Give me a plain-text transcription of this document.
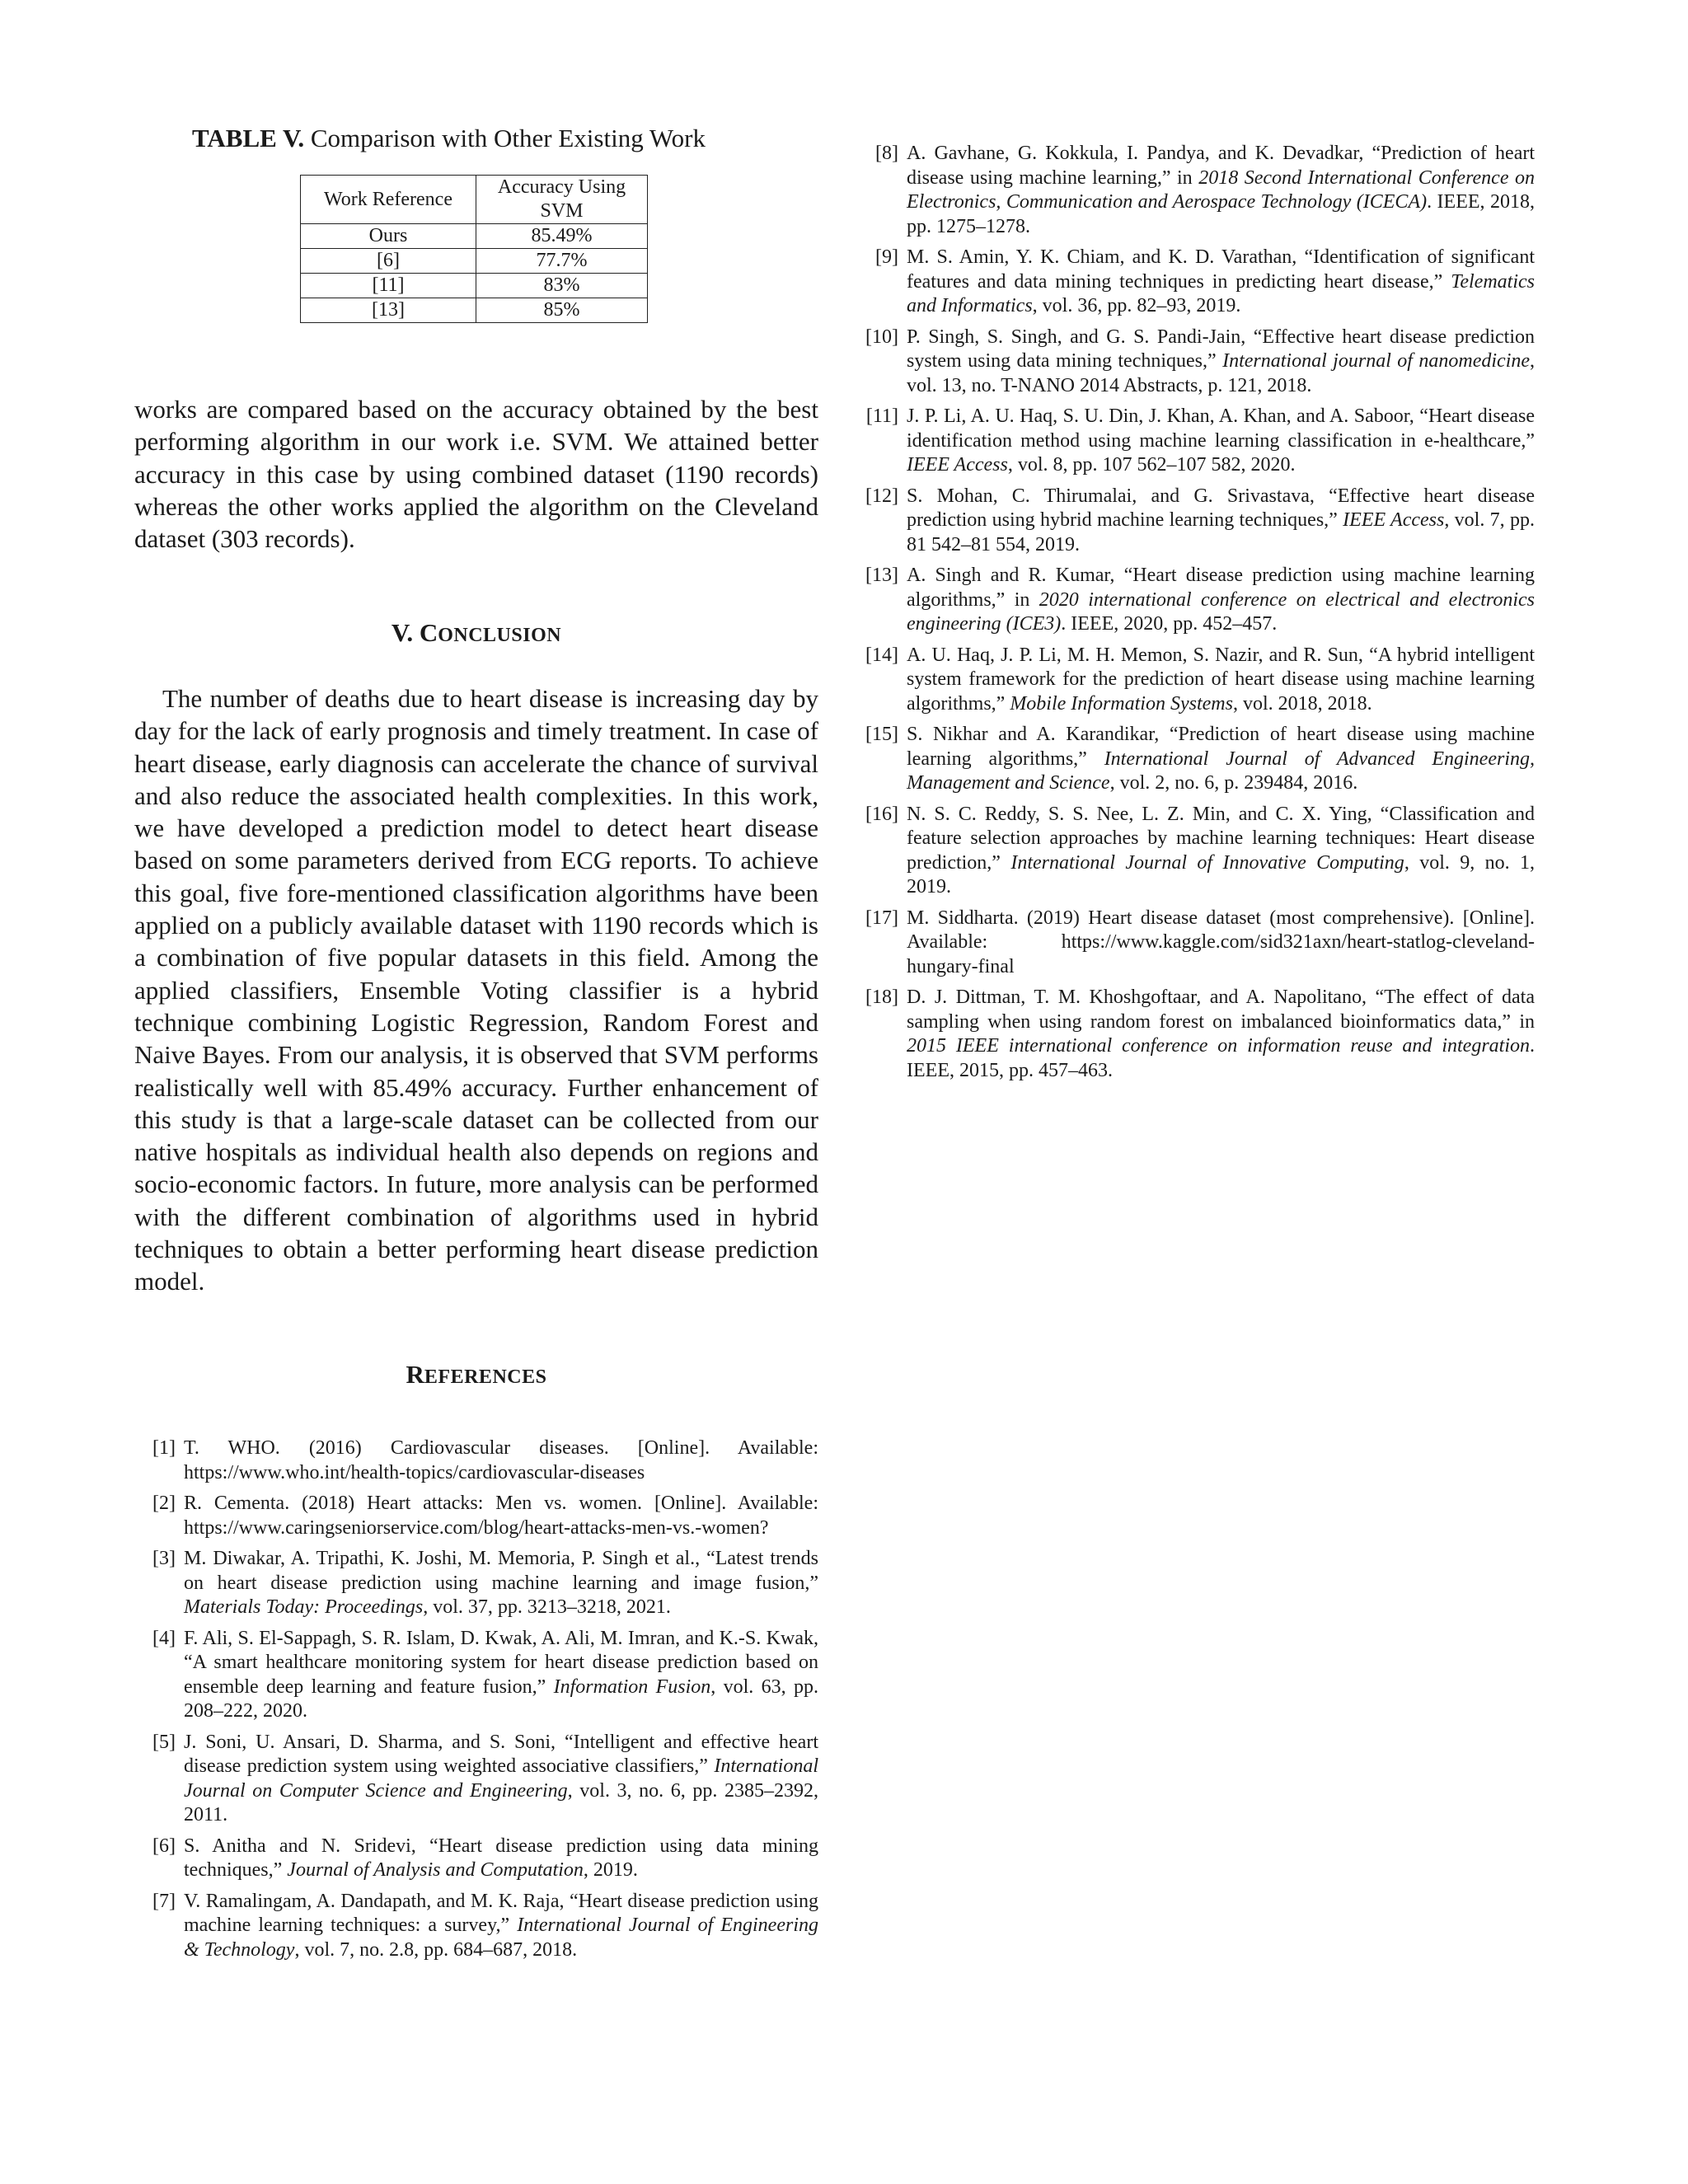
TABLE V. Comparison with Other Existing Work
Work Reference	Accuracy Using SVM
Ours	85.49%
[6]	77.7%
[11]	83%
[13]	85%

works are compared based on the accuracy obtained by the best performing algorithm in our work i.e. SVM. We attained better accuracy in this case by using combined dataset (1190 records) whereas the other works applied the algorithm on the Cleveland dataset (303 records).

V. CONCLUSION

The number of deaths due to heart disease is increasing day by day for the lack of early prognosis and timely treatment. In case of heart disease, early diagnosis can accelerate the chance of survival and also reduce the associated health complexities. In this work, we have developed a prediction model to detect heart disease based on some parameters derived from ECG reports. To achieve this goal, five fore-mentioned classification algorithms have been applied on a publicly available dataset with 1190 records which is a combination of five popular datasets in this field. Among the applied classifiers, Ensemble Voting classifier is a hybrid technique combining Logistic Regression, Random Forest and Naive Bayes. From our analysis, it is observed that SVM performs realistically well with 85.49% accuracy. Further enhancement of this study is that a large-scale dataset can be collected from our native hospitals as individual health also depends on regions and socio-economic factors. In future, more analysis can be performed with the different combination of algorithms used in hybrid techniques to obtain a better performing heart disease prediction model.

REFERENCES
[1] T. WHO. (2016) Cardiovascular diseases. [Online]. Available: https://www.who.int/health-topics/cardiovascular-diseases
[2] R. Cementa. (2018) Heart attacks: Men vs. women. [Online]. Available: https://www.caringseniorservice.com/blog/heart-attacks-men-vs.-women?
[3] M. Diwakar, A. Tripathi, K. Joshi, M. Memoria, P. Singh et al., “Latest trends on heart disease prediction using machine learning and image fusion,” Materials Today: Proceedings, vol. 37, pp. 3213–3218, 2021.
[4] F. Ali, S. El-Sappagh, S. R. Islam, D. Kwak, A. Ali, M. Imran, and K.-S. Kwak, “A smart healthcare monitoring system for heart disease prediction based on ensemble deep learning and feature fusion,” Information Fusion, vol. 63, pp. 208–222, 2020.
[5] J. Soni, U. Ansari, D. Sharma, and S. Soni, “Intelligent and effective heart disease prediction system using weighted associative classifiers,” International Journal on Computer Science and Engineering, vol. 3, no. 6, pp. 2385–2392, 2011.
[6] S. Anitha and N. Sridevi, “Heart disease prediction using data mining techniques,” Journal of Analysis and Computation, 2019.
[7] V. Ramalingam, A. Dandapath, and M. K. Raja, “Heart disease prediction using machine learning techniques: a survey,” International Journal of Engineering & Technology, vol. 7, no. 2.8, pp. 684–687, 2018.
[8] A. Gavhane, G. Kokkula, I. Pandya, and K. Devadkar, “Prediction of heart disease using machine learning,” in 2018 Second International Conference on Electronics, Communication and Aerospace Technology (ICECA). IEEE, 2018, pp. 1275–1278.
[9] M. S. Amin, Y. K. Chiam, and K. D. Varathan, “Identification of significant features and data mining techniques in predicting heart disease,” Telematics and Informatics, vol. 36, pp. 82–93, 2019.
[10] P. Singh, S. Singh, and G. S. Pandi-Jain, “Effective heart disease prediction system using data mining techniques,” International journal of nanomedicine, vol. 13, no. T-NANO 2014 Abstracts, p. 121, 2018.
[11] J. P. Li, A. U. Haq, S. U. Din, J. Khan, A. Khan, and A. Saboor, “Heart disease identification method using machine learning classification in e-healthcare,” IEEE Access, vol. 8, pp. 107 562–107 582, 2020.
[12] S. Mohan, C. Thirumalai, and G. Srivastava, “Effective heart disease prediction using hybrid machine learning techniques,” IEEE Access, vol. 7, pp. 81 542–81 554, 2019.
[13] A. Singh and R. Kumar, “Heart disease prediction using machine learning algorithms,” in 2020 international conference on electrical and electronics engineering (ICE3). IEEE, 2020, pp. 452–457.
[14] A. U. Haq, J. P. Li, M. H. Memon, S. Nazir, and R. Sun, “A hybrid intelligent system framework for the prediction of heart disease using machine learning algorithms,” Mobile Information Systems, vol. 2018, 2018.
[15] S. Nikhar and A. Karandikar, “Prediction of heart disease using machine learning algorithms,” International Journal of Advanced Engineering, Management and Science, vol. 2, no. 6, p. 239484, 2016.
[16] N. S. C. Reddy, S. S. Nee, L. Z. Min, and C. X. Ying, “Classification and feature selection approaches by machine learning techniques: Heart disease prediction,” International Journal of Innovative Computing, vol. 9, no. 1, 2019.
[17] M. Siddharta. (2019) Heart disease dataset (most comprehensive). [Online]. Available: https://www.kaggle.com/sid321axn/heart-statlog-cleveland-hungary-final
[18] D. J. Dittman, T. M. Khoshgoftaar, and A. Napolitano, “The effect of data sampling when using random forest on imbalanced bioinformatics data,” in 2015 IEEE international conference on information reuse and integration. IEEE, 2015, pp. 457–463.
